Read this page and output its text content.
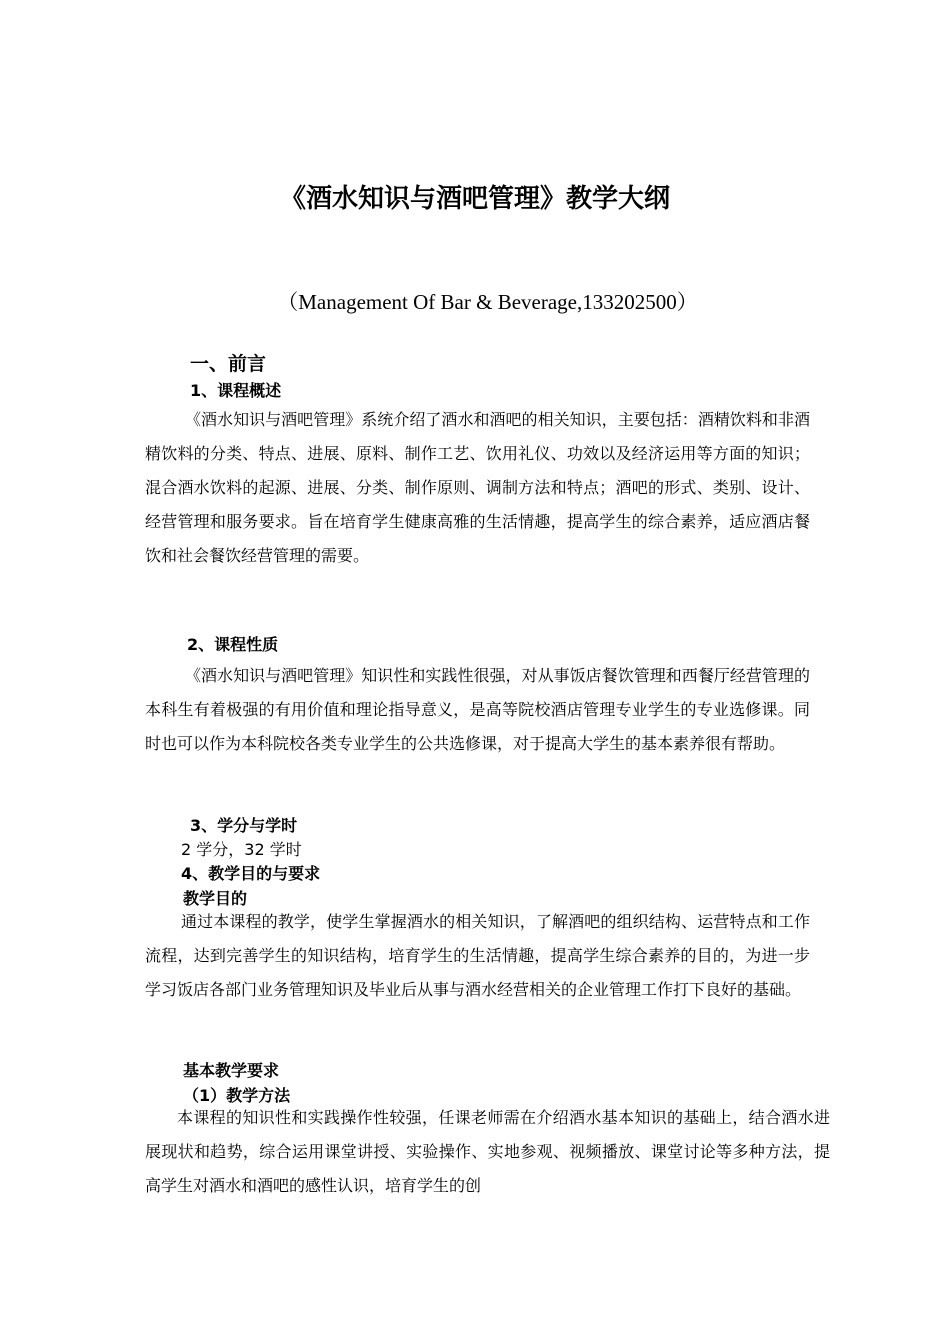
《酒水知识与酒吧管理》教学大纲
（Management Of Bar & Beverage,133202500）
一、前言
1、课程概述
《酒水知识与酒吧管理》系统介绍了酒水和酒吧的相关知识，主要包括：酒精饮料和非酒精饮料的分类、特点、进展、原料、制作工艺、饮用礼仪、功效以及经济运用等方面的知识；混合酒水饮料的起源、进展、分类、制作原则、调制方法和特点；酒吧的形式、类别、设计、经营管理和服务要求。旨在培育学生健康高雅的生活情趣，提高学生的综合素养，适应酒店餐饮和社会餐饮经营管理的需要。
2、课程性质
《酒水知识与酒吧管理》知识性和实践性很强，对从事饭店餐饮管理和西餐厅经营管理的本科生有着极强的有用价值和理论指导意义，是高等院校酒店管理专业学生的专业选修课。同时也可以作为本科院校各类专业学生的公共选修课，对于提高大学生的基本素养很有帮助。
3、学分与学时
2 学分，32 学时
4、教学目的与要求
教学目的
通过本课程的教学，使学生掌握酒水的相关知识，了解酒吧的组织结构、运营特点和工作流程，达到完善学生的知识结构，培育学生的生活情趣，提高学生综合素养的目的，为进一步学习饭店各部门业务管理知识及毕业后从事与酒水经营相关的企业管理工作打下良好的基础。
基本教学要求
（1）教学方法
本课程的知识性和实践操作性较强，任课老师需在介绍酒水基本知识的基础上，结合酒水进展现状和趋势，综合运用课堂讲授、实验操作、实地参观、视频播放、课堂讨论等多种方法，提高学生对酒水和酒吧的感性认识，培育学生的创
